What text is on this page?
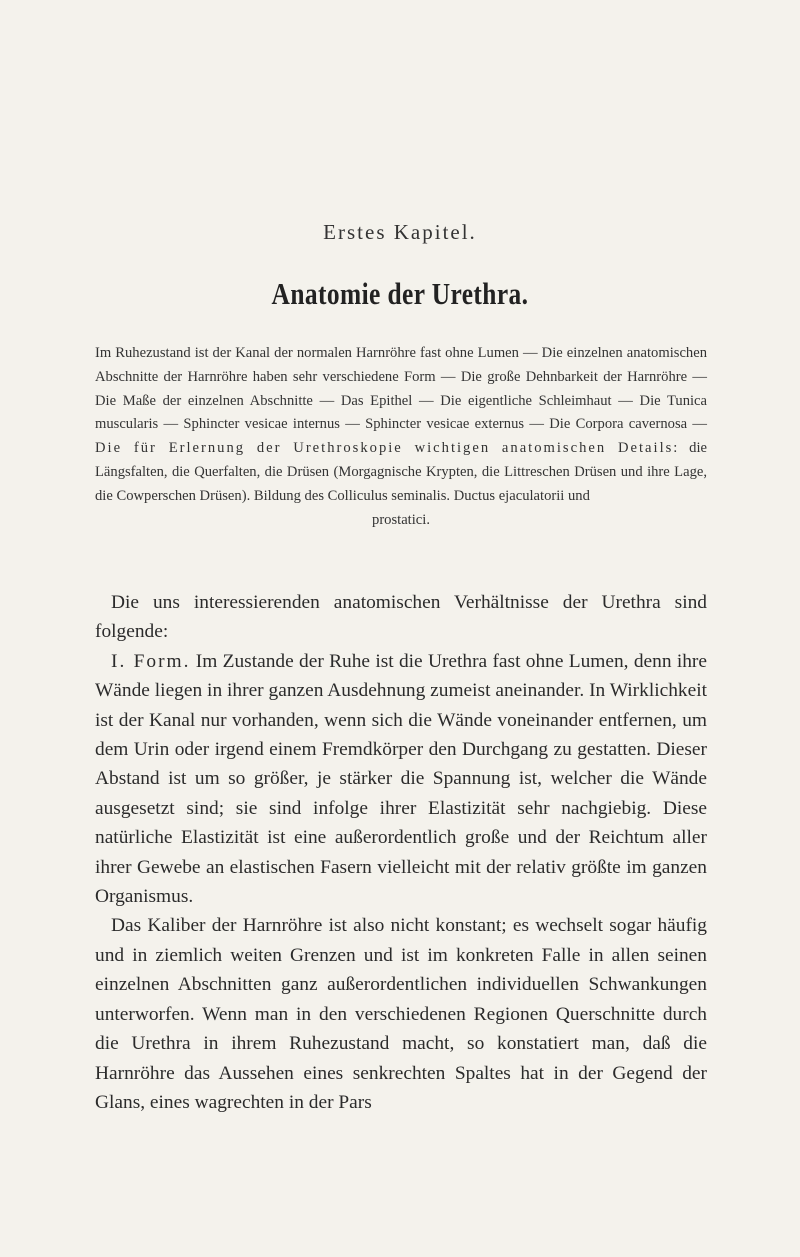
Erstes Kapitel.
Anatomie der Urethra.
Im Ruhezustand ist der Kanal der normalen Harnröhre fast ohne Lumen — Die einzelnen anatomischen Abschnitte der Harnröhre haben sehr verschiedene Form — Die große Dehnbarkeit der Harnröhre — Die Maße der einzelnen Abschnitte — Das Epithel — Die eigentliche Schleimhaut — Die Tunica muscularis — Sphincter vesicae internus — Sphincter vesicae externus — Die Corpora cavernosa — Die für Erlernung der Urethroskopie wichtigen anatomischen Details: die Längsfalten, die Querfalten, die Drüsen (Morgagnische Krypten, die Littreschen Drüsen und ihre Lage, die Cowperschen Drüsen). Bildung des Colliculus seminalis. Ductus ejaculatorii und
prostatici.

Die uns interessierenden anatomischen Verhältnisse der Urethra sind folgende:

I. Form. Im Zustande der Ruhe ist die Urethra fast ohne Lumen, denn ihre Wände liegen in ihrer ganzen Ausdehnung zumeist aneinander. In Wirklichkeit ist der Kanal nur vorhanden, wenn sich die Wände voneinander entfernen, um dem Urin oder irgend einem Fremdkörper den Durchgang zu gestatten. Dieser Abstand ist um so größer, je stärker die Spannung ist, welcher die Wände ausgesetzt sind; sie sind infolge ihrer Elastizität sehr nachgiebig. Diese natürliche Elastizität ist eine außerordentlich große und der Reichtum aller ihrer Gewebe an elastischen Fasern vielleicht mit der relativ größte im ganzen Organismus.

Das Kaliber der Harnröhre ist also nicht konstant; es wechselt sogar häufig und in ziemlich weiten Grenzen und ist im konkreten Falle in allen seinen einzelnen Abschnitten ganz außerordentlichen individuellen Schwankungen unterworfen. Wenn man in den verschiedenen Regionen Querschnitte durch die Urethra in ihrem Ruhezustand macht, so konstatiert man, daß die Harnröhre das Aussehen eines senkrechten Spaltes hat in der Gegend der Glans, eines wagrechten in der Pars
